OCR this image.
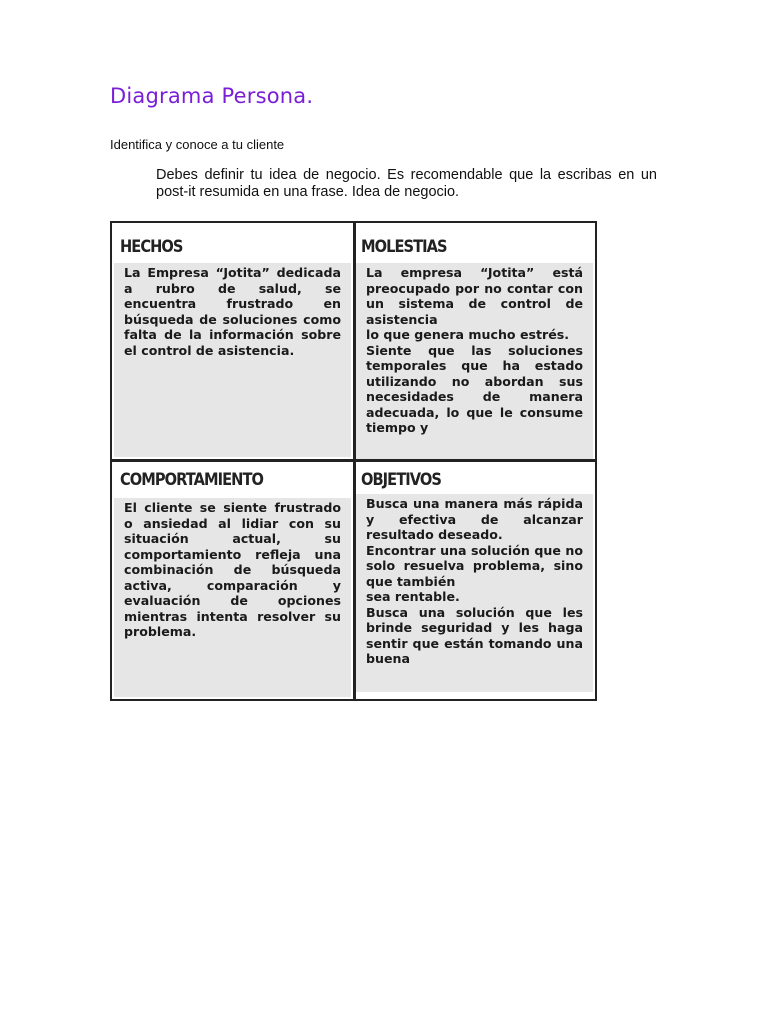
Diagrama Persona.
Identifica y conoce a tu cliente
Debes definir tu idea de negocio. Es recomendable que la escribas en un post-it resumida en una frase. Idea de negocio.
HECHOS
La Empresa “Jotita” dedicada a rubro de salud, se encuentra frustrado en búsqueda de soluciones como falta de la información sobre el control de asistencia.
MOLESTIAS
La empresa “Jotita” está preocupado por no contar con un sistema de control de asistencia
lo que genera mucho estrés.
Siente que las soluciones temporales que ha estado utilizando no abordan sus necesidades de manera adecuada, lo que le consume tiempo y
COMPORTAMIENTO
El cliente se siente frustrado o ansiedad al lidiar con su situación actual, su comportamiento refleja una combinación de búsqueda activa, comparación y evaluación de opciones mientras intenta resolver su problema.
OBJETIVOS
Busca una manera más rápida y efectiva de alcanzar resultado deseado.
Encontrar una solución que no solo resuelva problema, sino que también
sea rentable.
Busca una solución que les brinde seguridad y les haga sentir que están tomando una buena
